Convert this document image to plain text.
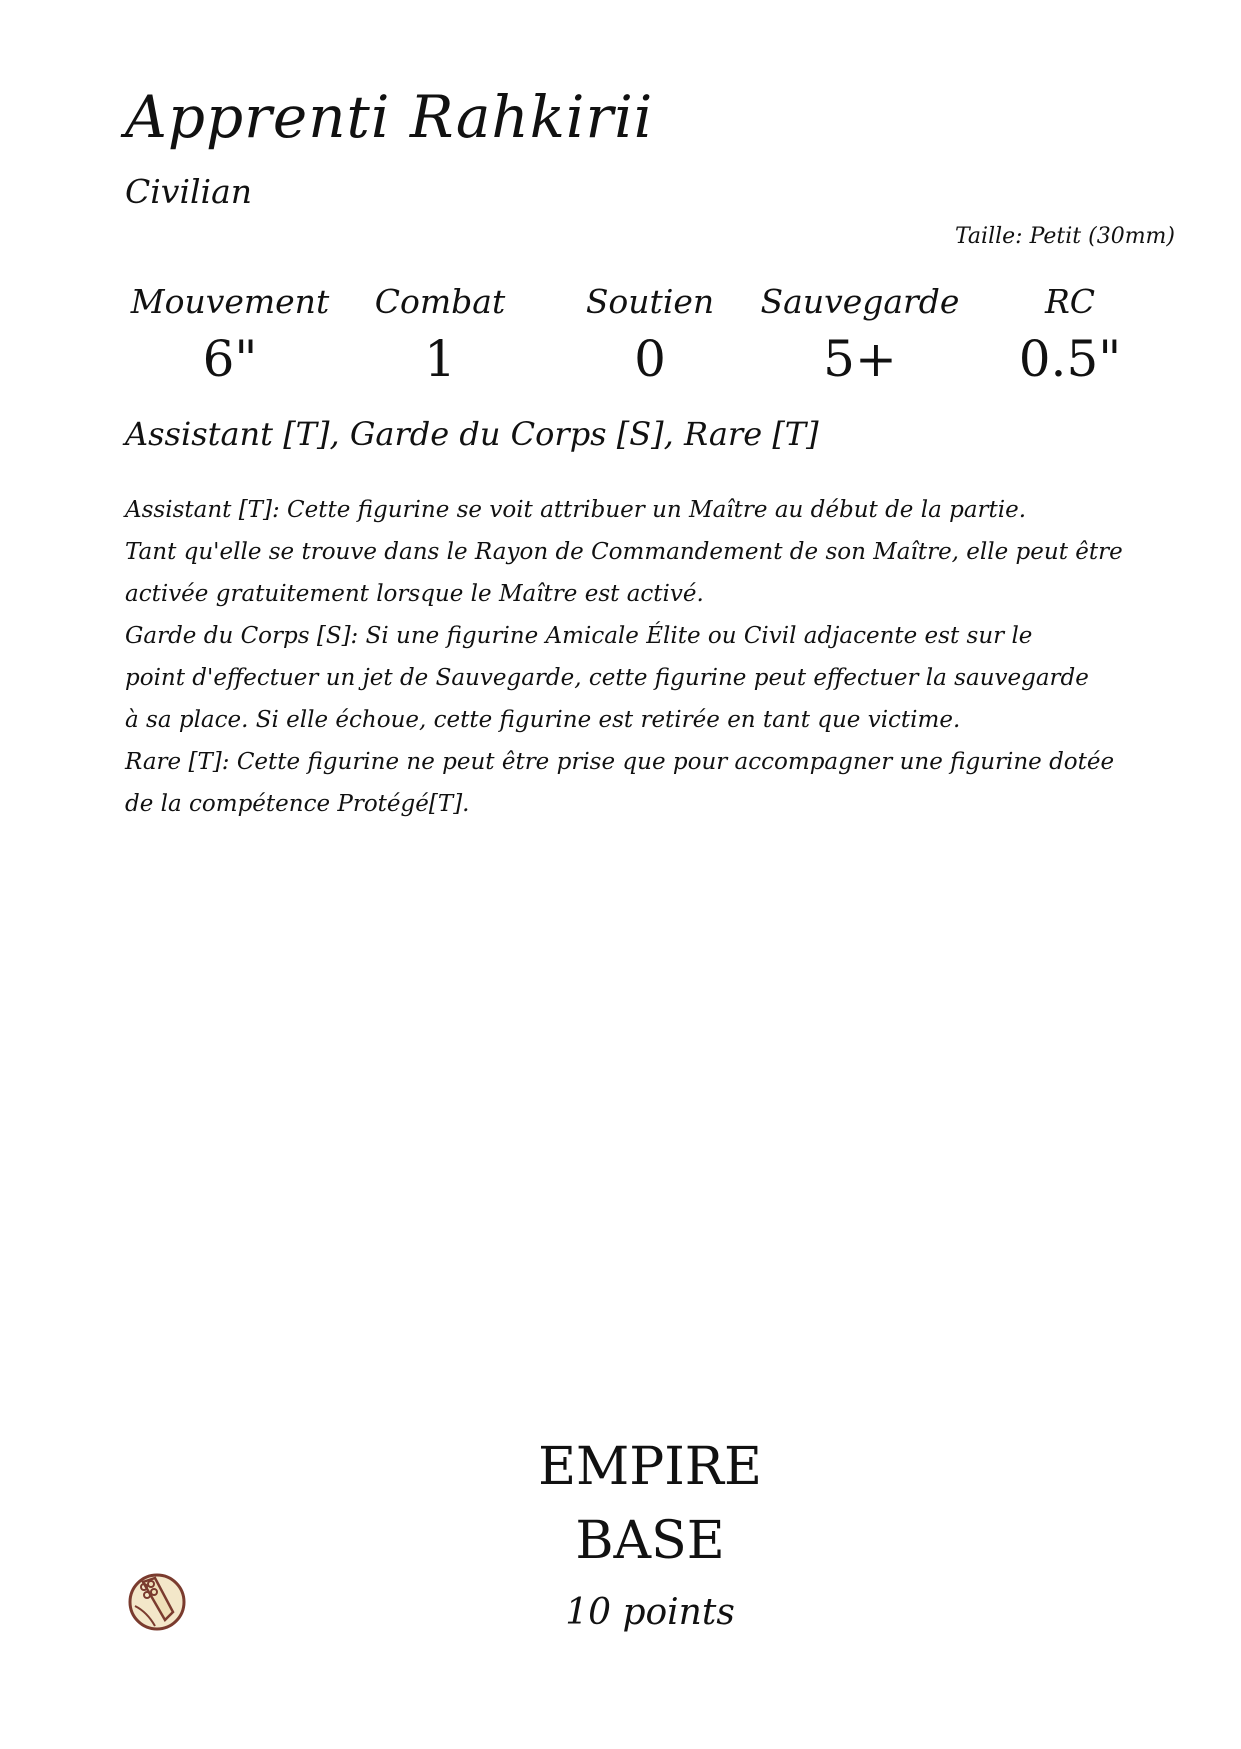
Apprenti Rahkirii
Civilian
Taille: Petit (30mm)
Mouvement
6"
Combat
1
Soutien
0
Sauvegarde
5+
RC
0.5"
Assistant [T], Garde du Corps [S], Rare [T]
Assistant [T]: Cette figurine se voit attribuer un Maître au début de la partie.
Tant qu'elle se trouve dans le Rayon de Commandement de son Maître, elle peut être
activée gratuitement lorsque le Maître est activé.
Garde du Corps [S]: Si une figurine Amicale Élite ou Civil adjacente est sur le
point d'effectuer un jet de Sauvegarde, cette figurine peut effectuer la sauvegarde
à sa place. Si elle échoue, cette figurine est retirée en tant que victime.
Rare [T]: Cette figurine ne peut être prise que pour accompagner une figurine dotée
de la compétence Protégé[T].
EMPIRE
BASE
10 points
